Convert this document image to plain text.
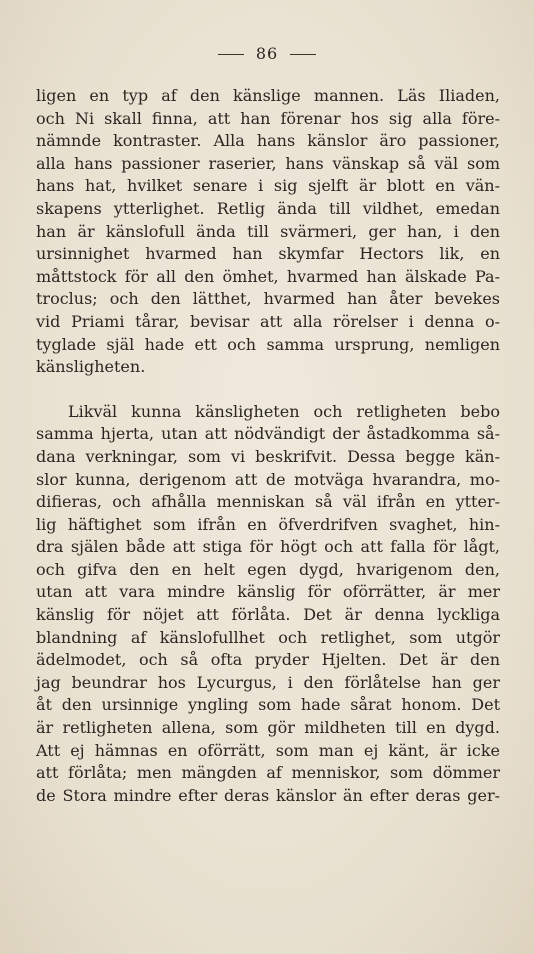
86
ligen en typ af den känslige mannen. Läs Iliaden,
och Ni skall finna, att han förenar hos sig alla före-
nämnde kontraster. Alla hans känslor äro passioner,
alla hans passioner raserier, hans vänskap så väl som
hans hat, hvilket senare i sig sjelft är blott en vän-
skapens ytterlighet. Retlig ända till vildhet, emedan
han är känslofull ända till svärmeri, ger han, i den
ursinnighet hvarmed han skymfar Hectors lik, en
måttstock för all den ömhet, hvarmed han älskade Pa-
troclus; och den lätthet, hvarmed han åter bevekes
vid Priami tårar, bevisar att alla rörelser i denna o-
tyglade själ hade ett och samma ursprung, nemligen
känsligheten.
Likväl kunna känsligheten och retligheten bebo
samma hjerta, utan att nödvändigt der åstadkomma så-
dana verkningar, som vi beskrifvit. Dessa begge kän-
slor kunna, derigenom att de motväga hvarandra, mo-
difieras, och afhålla menniskan så väl ifrån en ytter-
lig häftighet som ifrån en öfverdrifven svaghet, hin-
dra själen både att stiga för högt och att falla för lågt,
och gifva den en helt egen dygd, hvarigenom den,
utan att vara mindre känslig för oförrätter, är mer
känslig för nöjet att förlåta. Det är denna lyckliga
blandning af känslofullhet och retlighet, som utgör
ädelmodet, och så ofta pryder Hjelten. Det är den
jag beundrar hos Lycurgus, i den förlåtelse han ger
åt den ursinnige yngling som hade sårat honom. Det
är retligheten allena, som gör mildheten till en dygd.
Att ej hämnas en oförrätt, som man ej känt, är icke
att förlåta; men mängden af menniskor, som dömmer
de Stora mindre efter deras känslor än efter deras ger-
